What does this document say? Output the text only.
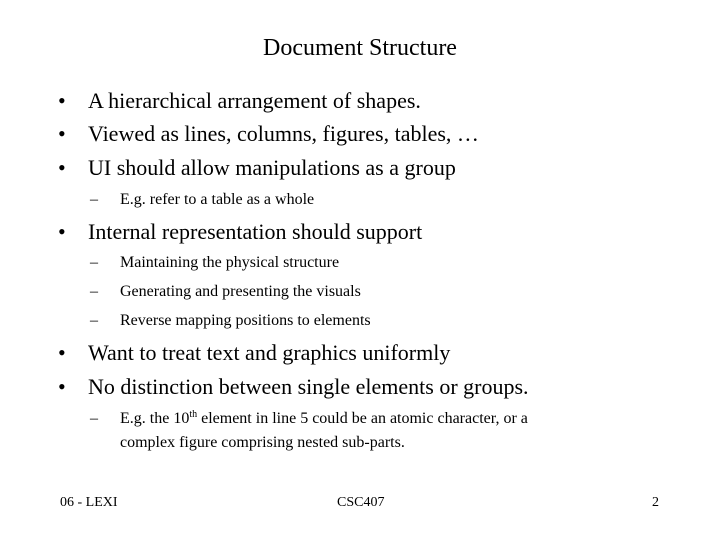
Document Structure
•	A hierarchical arrangement of shapes.
•	Viewed as lines, columns, figures, tables, …
•	UI should allow manipulations as a group
–	E.g. refer to a table as a whole
•	Internal representation should support
–	Maintaining the physical structure
–	Generating and presenting the visuals
–	Reverse mapping positions to elements
•	Want to treat text and graphics uniformly
•	No distinction between single elements or groups.
–	E.g. the 10th element in line 5 could be an atomic character, or a
complex figure comprising nested sub-parts.
06 - LEXI	CSC407	2
